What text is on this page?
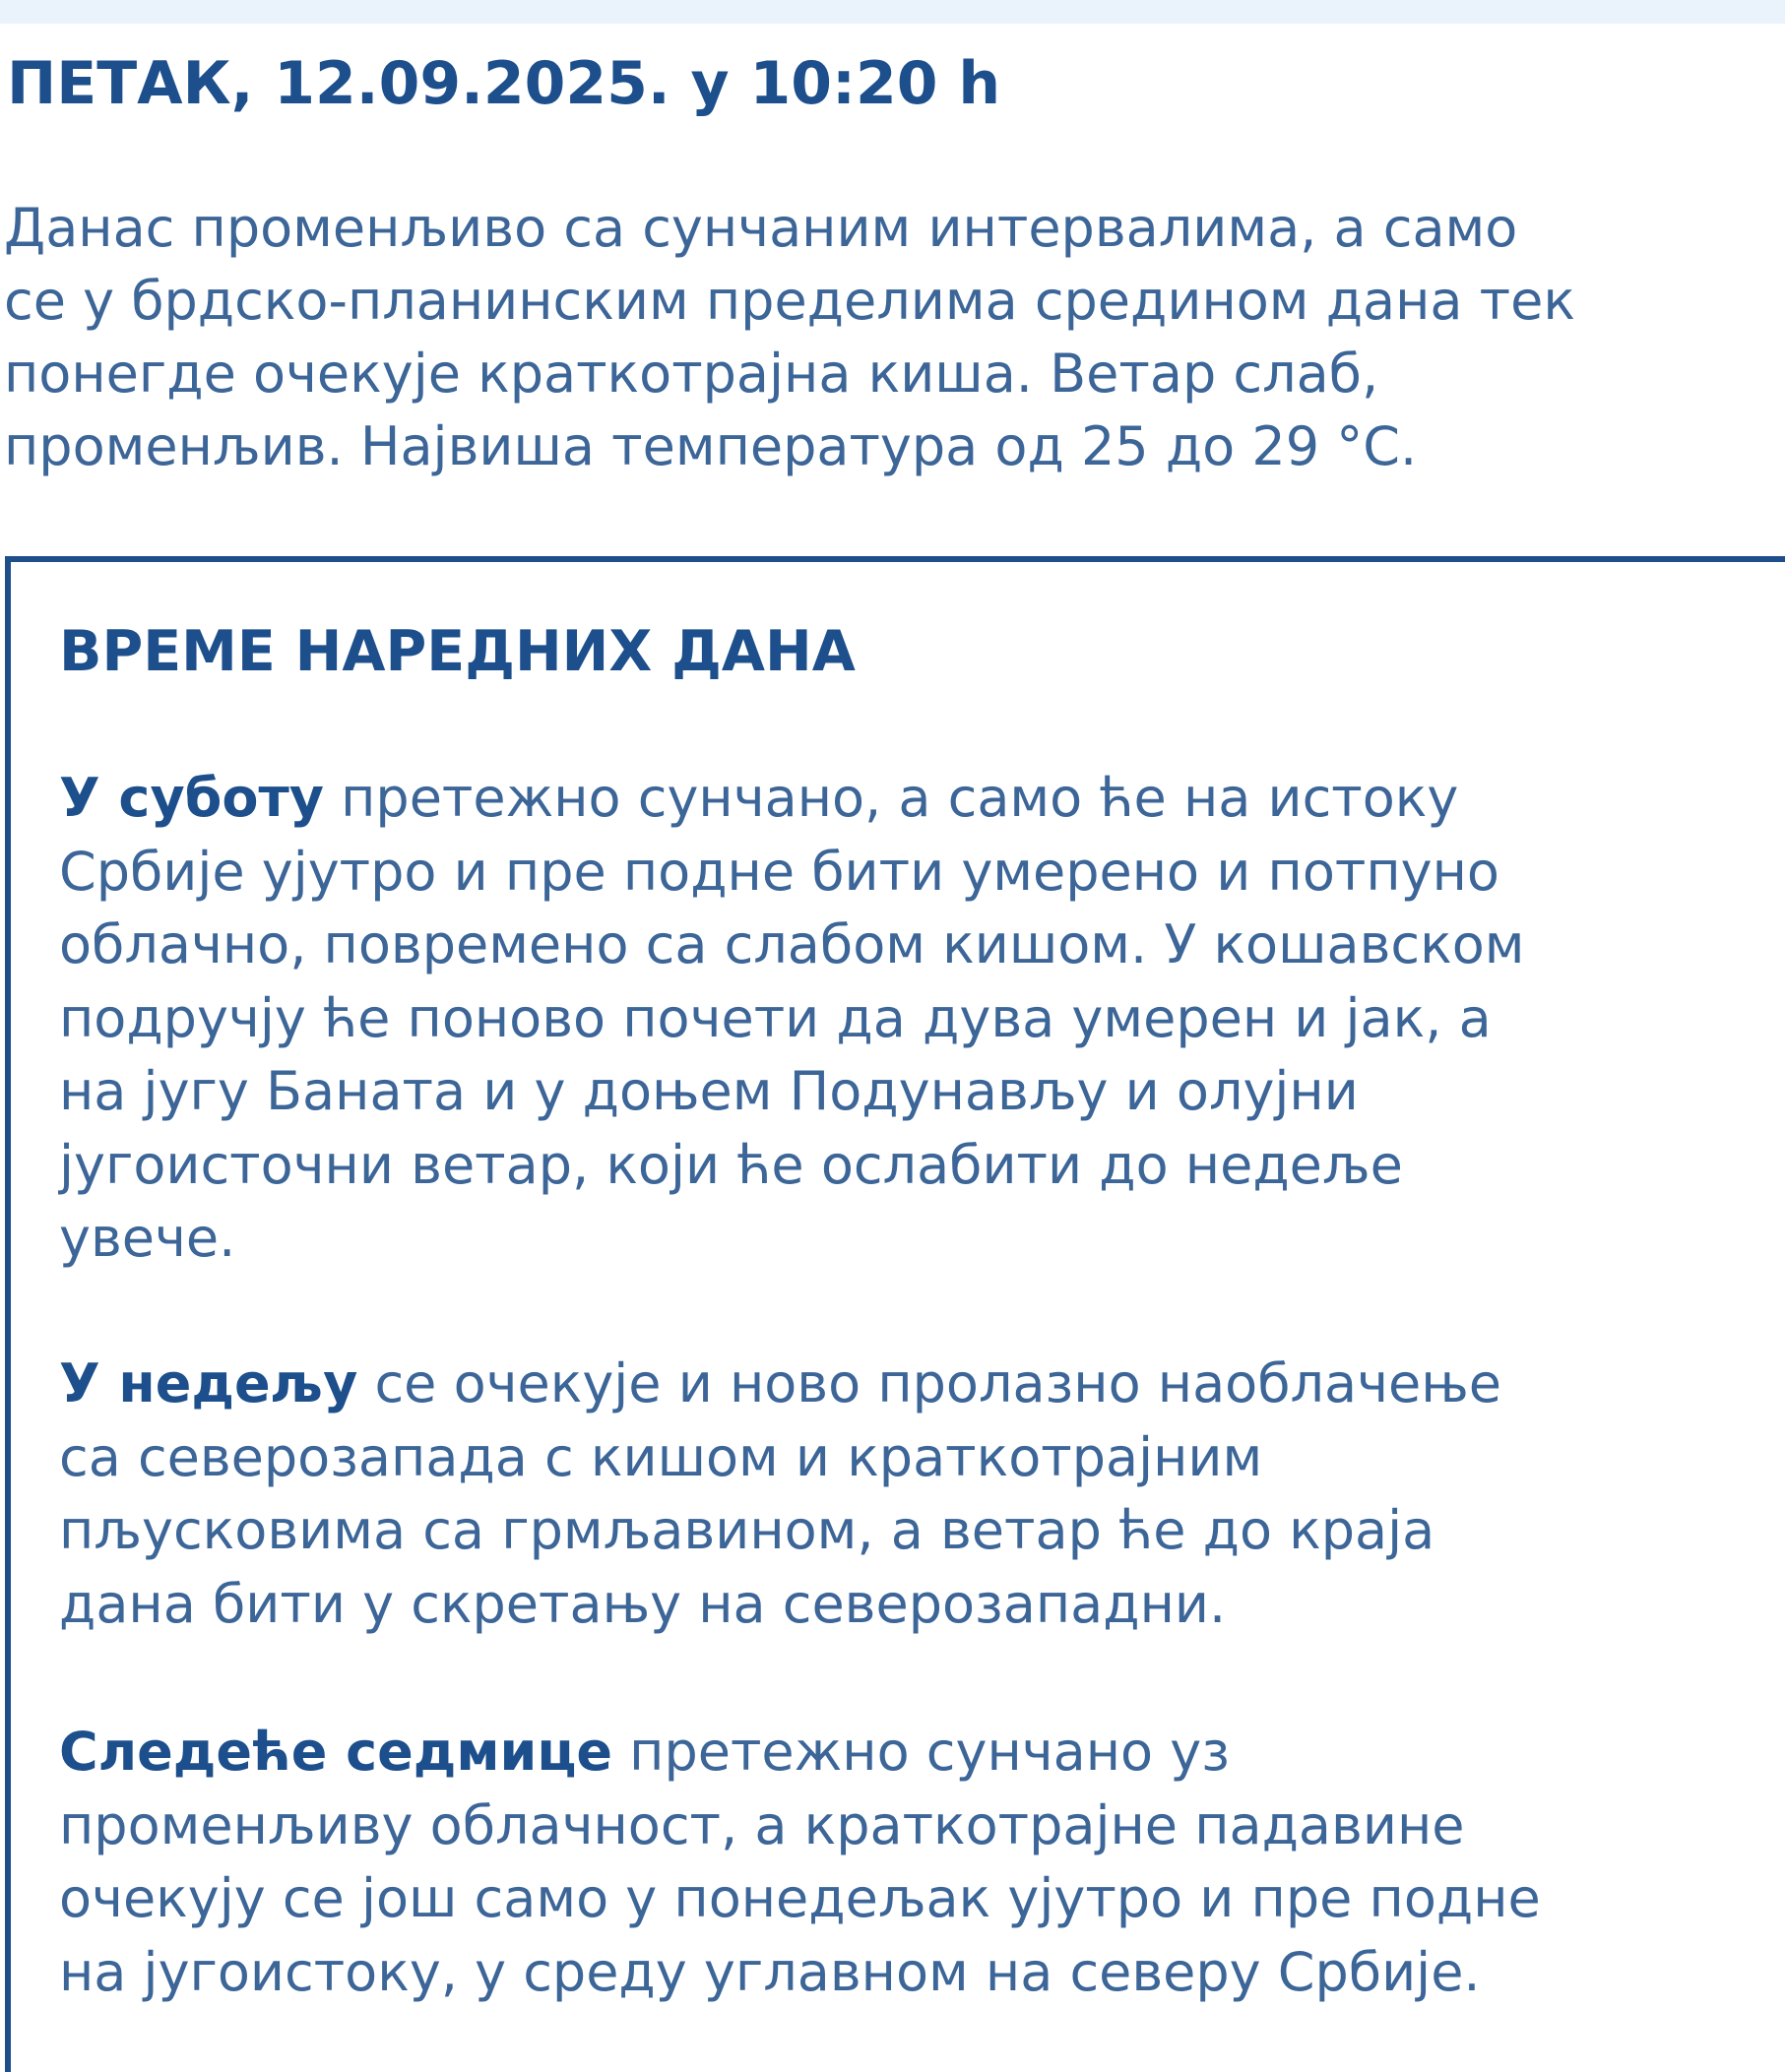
ПЕТАК, 12.09.2025. у 10:20 h

Данас променљиво са сунчаним интервалима, а само
се у брдско-планинским пределима средином дана тек
понегде очекује краткотрајна киша. Ветар слаб,
променљив. Највиша температура од 25 до 29 °C.

ВРЕМЕ НАРЕДНИХ ДАНА

У суботу претежно сунчано, а само ће на истоку
Србије ујутро и пре подне бити умерено и потпуно
облачно, повремено са слабом кишом. У кошавском
подручју ће поново почети да дува умерен и јак, а
на југу Баната и у доњем Подунављу и олујни
југоисточни ветар, који ће ослабити до недеље
увече.

У недељу се очекује и ново пролазно наоблачење
са северозапада с кишом и краткотрајним
пљусковима са грмљавином, а ветар ће до краја
дана бити у скретању на северозападни.

Следеће седмице претежно сунчано уз
променљиву облачност, а краткотрајне падавине
очекују се још само у понедељак ујутро и пре подне
на југоистоку, у среду углавном на северу Србије.
